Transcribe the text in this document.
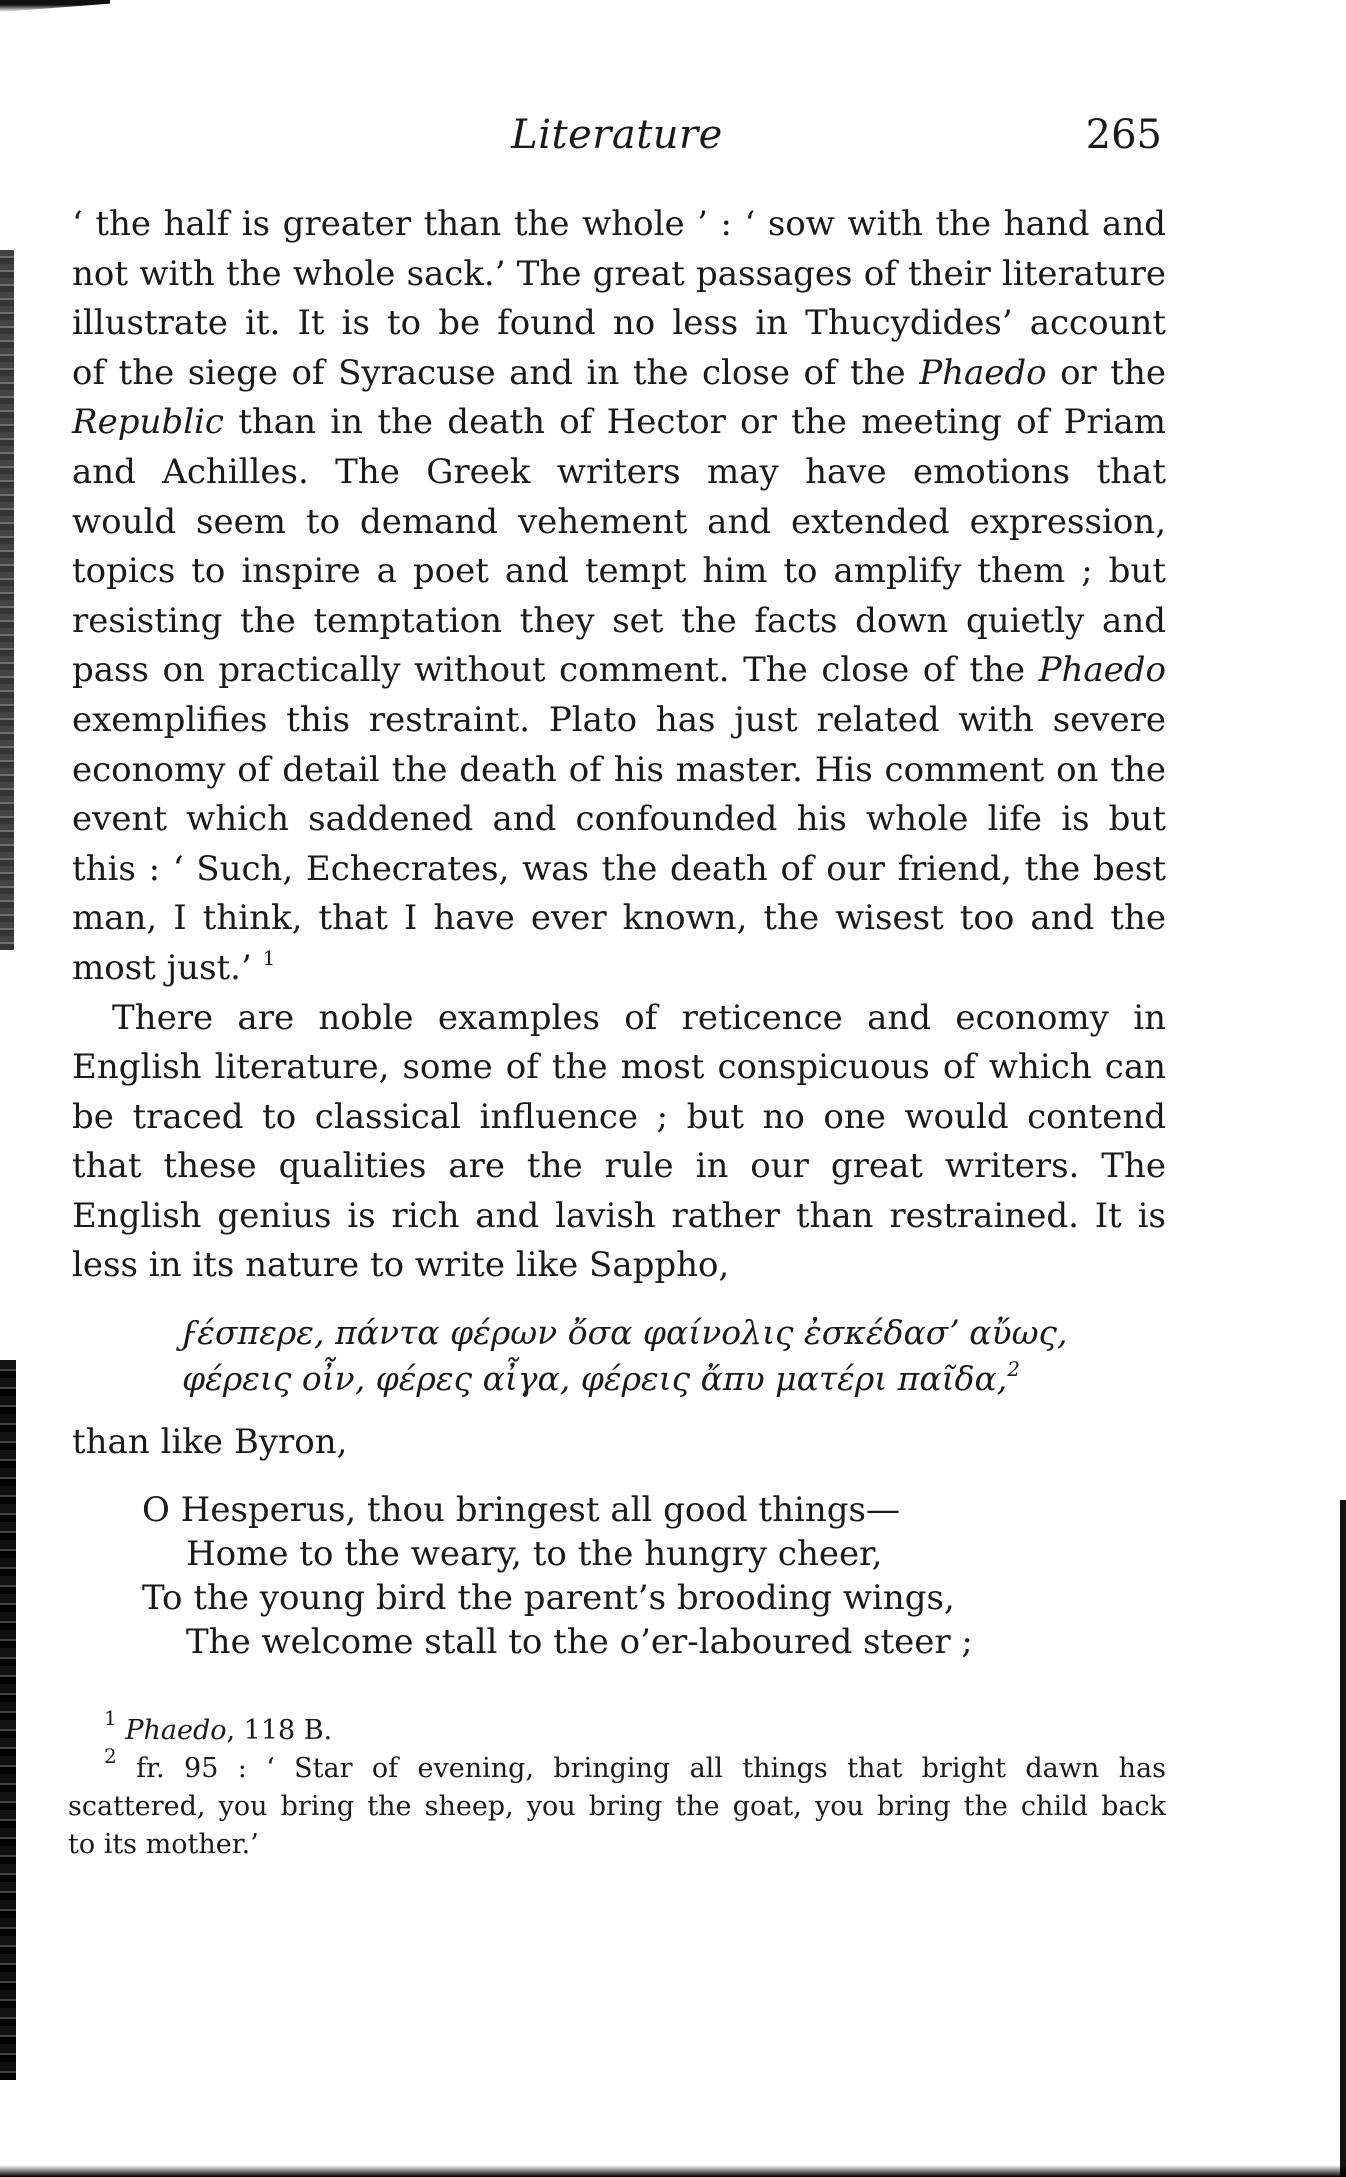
Literature	265
‘ the half is greater than the whole ’ : ‘ sow with the hand and
not with the whole sack.’ The great passages of their literature
illustrate it. It is to be found no less in Thucydides’ account
of the siege of Syracuse and in the close of the Phaedo or the
Republic than in the death of Hector or the meeting of Priam
and Achilles. The Greek writers may have emotions that
would seem to demand vehement and extended expression,
topics to inspire a poet and tempt him to amplify them ; but
resisting the temptation they set the facts down quietly and
pass on practically without comment. The close of the Phaedo
exemplifies this restraint. Plato has just related with severe
economy of detail the death of his master. His comment on the
event which saddened and confounded his whole life is but
this : ‘ Such, Echecrates, was the death of our friend, the best
man, I think, that I have ever known, the wisest too and the
most just.’ $^1$
There are noble examples of reticence and economy in
English literature, some of the most conspicuous of which can
be traced to classical influence ; but no one would contend
that these qualities are the rule in our great writers. The
English genius is rich and lavish rather than restrained. It is
less in its nature to write like Sappho,
ϝέσπερε, πάντα φέρων ὄσα φαίνολις ἐσκέδασʼ αὔως,
φέρεις οἶν, φέρες αἶγα, φέρεις ἄπυ ματέρι παῖδα,$^2$
than like Byron,
O Hesperus, thou bringest all good things—
Home to the weary, to the hungry cheer,
To the young bird the parent’s brooding wings,
The welcome stall to the o’er-laboured steer ;
$^1$ Phaedo, 118 B.
$^2$ fr. 95 : ‘ Star of evening, bringing all things that bright dawn has
scattered, you bring the sheep, you bring the goat, you bring the child back
to its mother.’
